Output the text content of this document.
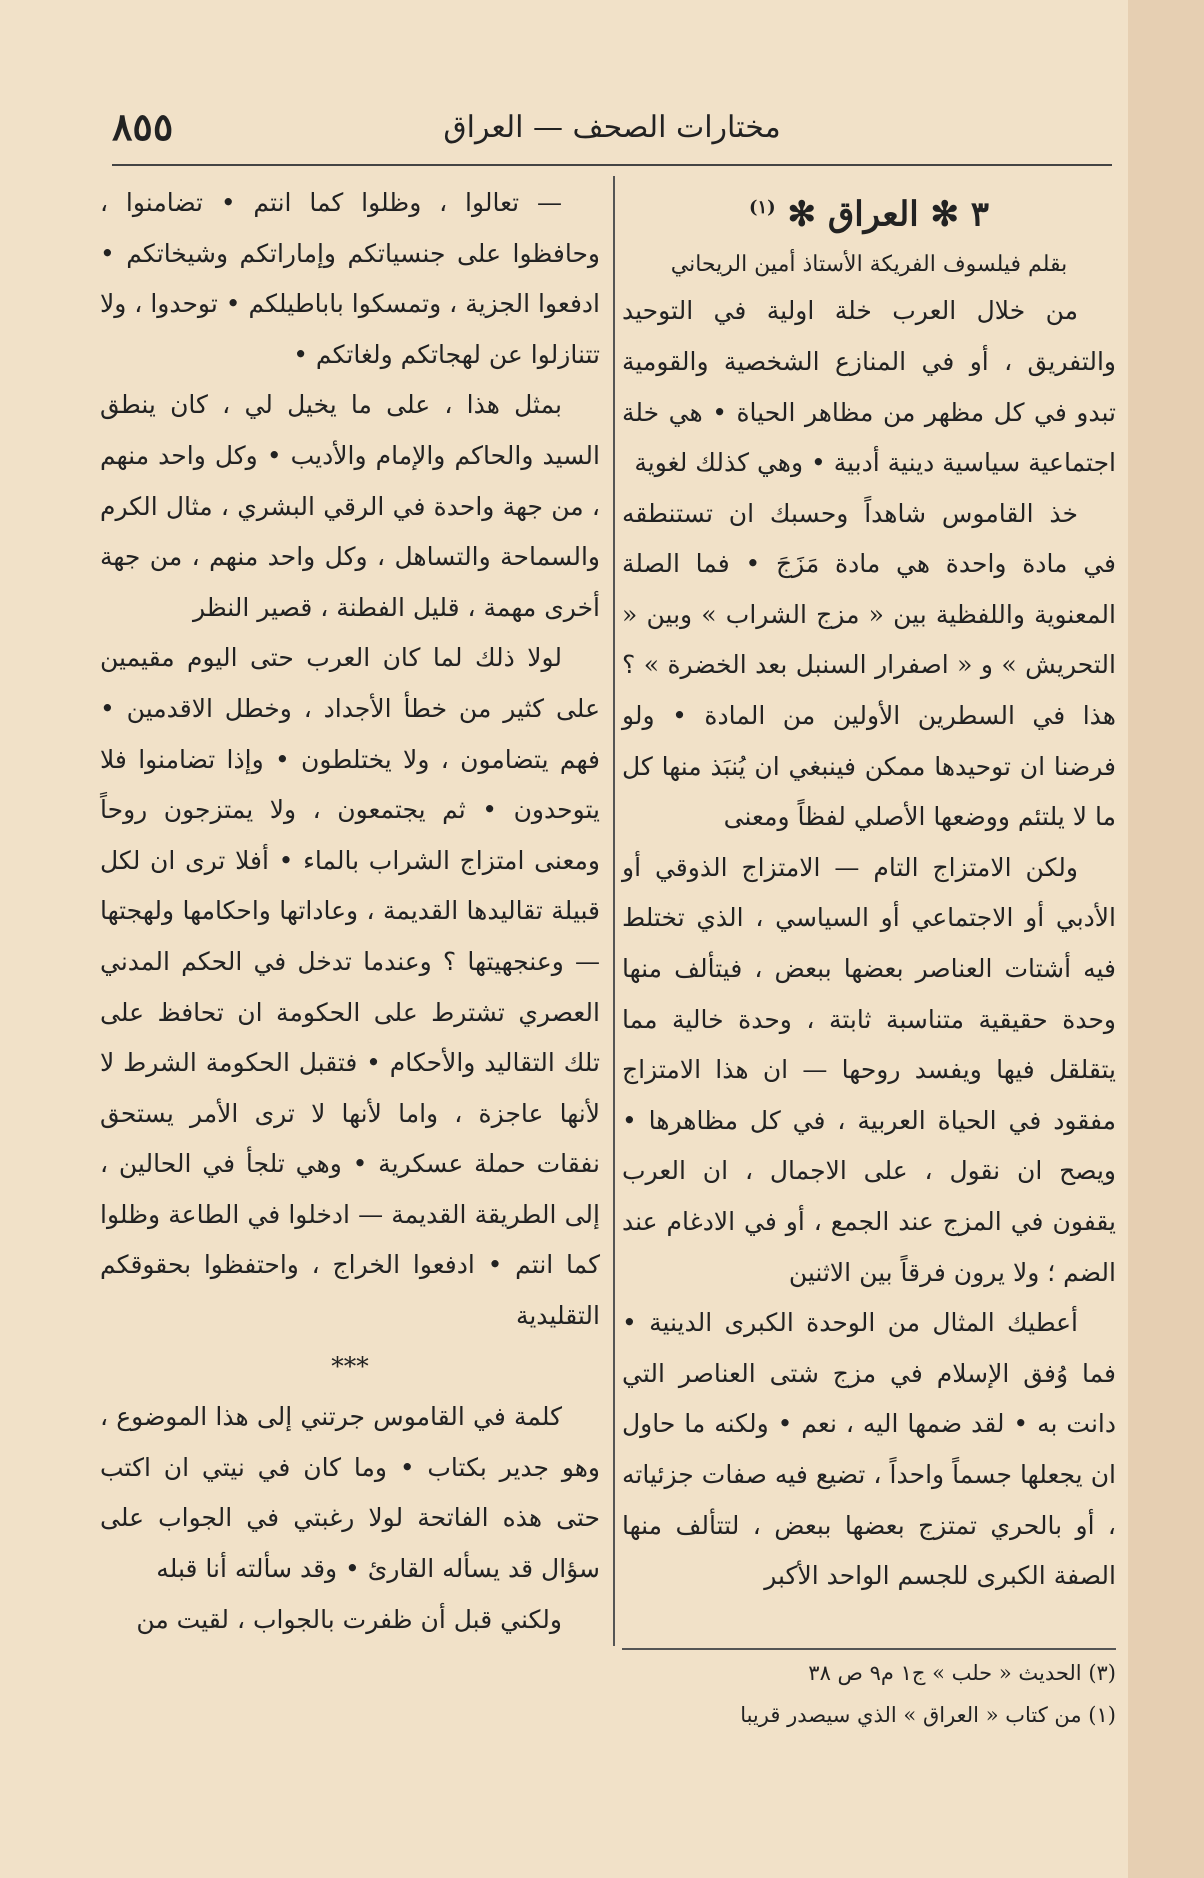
مختارات الصحف — العراق
٨٥٥
٣ ✻ العراق ✻ $^{(١)}$
بقلم فيلسوف الفريكة الأستاذ أمين الريحاني

من خلال العرب خلة اولية في التوحيد والتفريق ، أو في المنازع الشخصية والقومية تبدو في كل مظهر من مظاهر الحياة • هي خلة اجتماعية سياسية دينية أدبية • وهي كذلك لغوية

خذ القاموس شاهداً وحسبك ان تستنطقه في مادة واحدة هي مادة مَزَجَ • فما الصلة المعنوية واللفظية بين « مزج الشراب » وبين « التحريش » و « اصفرار السنبل بعد الخضرة » ؟ هذا في السطرين الأولين من المادة • ولو فرضنا ان توحيدها ممكن فينبغي ان يُنبَذ منها كل ما لا يلتئم ووضعها الأصلي لفظاً ومعنى

ولكن الامتزاج التام — الامتزاج الذوقي أو الأدبي أو الاجتماعي أو السياسي ، الذي تختلط فيه أشتات العناصر بعضها ببعض ، فيتألف منها وحدة حقيقية متناسبة ثابتة ، وحدة خالية مما يتقلقل فيها ويفسد روحها — ان هذا الامتزاج مفقود في الحياة العربية ، في كل مظاهرها • ويصح ان نقول ، على الاجمال ، ان العرب يقفون في المزج عند الجمع ، أو في الادغام عند الضم ؛ ولا يرون فرقاً بين الاثنين

أعطيك المثال من الوحدة الكبرى الدينية • فما وُفق الإسلام في مزج شتى العناصر التي دانت به • لقد ضمها اليه ، نعم • ولكنه ما حاول ان يجعلها جسماً واحداً ، تضيع فيه صفات جزئياته ، أو بالحري تمتزج بعضها ببعض ، لتتألف منها الصفة الكبرى للجسم الواحد الأكبر

— تعالوا ، وظلوا كما انتم • تضامنوا ، وحافظوا على جنسياتكم وإماراتكم وشيخاتكم • ادفعوا الجزية ، وتمسكوا باباطيلكم • توحدوا ، ولا تتنازلوا عن لهجاتكم ولغاتكم •

بمثل هذا ، على ما يخيل لي ، كان ينطق السيد والحاكم والإمام والأديب • وكل واحد منهم ، من جهة واحدة في الرقي البشري ، مثال الكرم والسماحة والتساهل ، وكل واحد منهم ، من جهة أخرى مهمة ، قليل الفطنة ، قصير النظر

لولا ذلك لما كان العرب حتى اليوم مقيمين على كثير من خطأ الأجداد ، وخطل الاقدمين • فهم يتضامون ، ولا يختلطون • وإذا تضامنوا فلا يتوحدون • ثم يجتمعون ، ولا يمتزجون روحاً ومعنى امتزاج الشراب بالماء • أفلا ترى ان لكل قبيلة تقاليدها القديمة ، وعاداتها واحكامها ولهجتها — وعنجهيتها ؟ وعندما تدخل في الحكم المدني العصري تشترط على الحكومة ان تحافظ على تلك التقاليد والأحكام • فتقبل الحكومة الشرط لا لأنها عاجزة ، واما لأنها لا ترى الأمر يستحق نفقات حملة عسكرية • وهي تلجأ في الحالين ، إلى الطريقة القديمة — ادخلوا في الطاعة وظلوا كما انتم • ادفعوا الخراج ، واحتفظوا بحقوقكم التقليدية

***

كلمة في القاموس جرتني إلى هذا الموضوع ، وهو جدير بكتاب • وما كان في نيتي ان اكتب حتى هذه الفاتحة لولا رغبتي في الجواب على سؤال قد يسأله القارئ • وقد سألته أنا قبله

ولكني قبل أن ظفرت بالجواب ، لقيت من

(٣) الحديث « حلب » ج١ م٩ ص ٣٨

(١) من كتاب « العراق » الذي سيصدر قريبا
